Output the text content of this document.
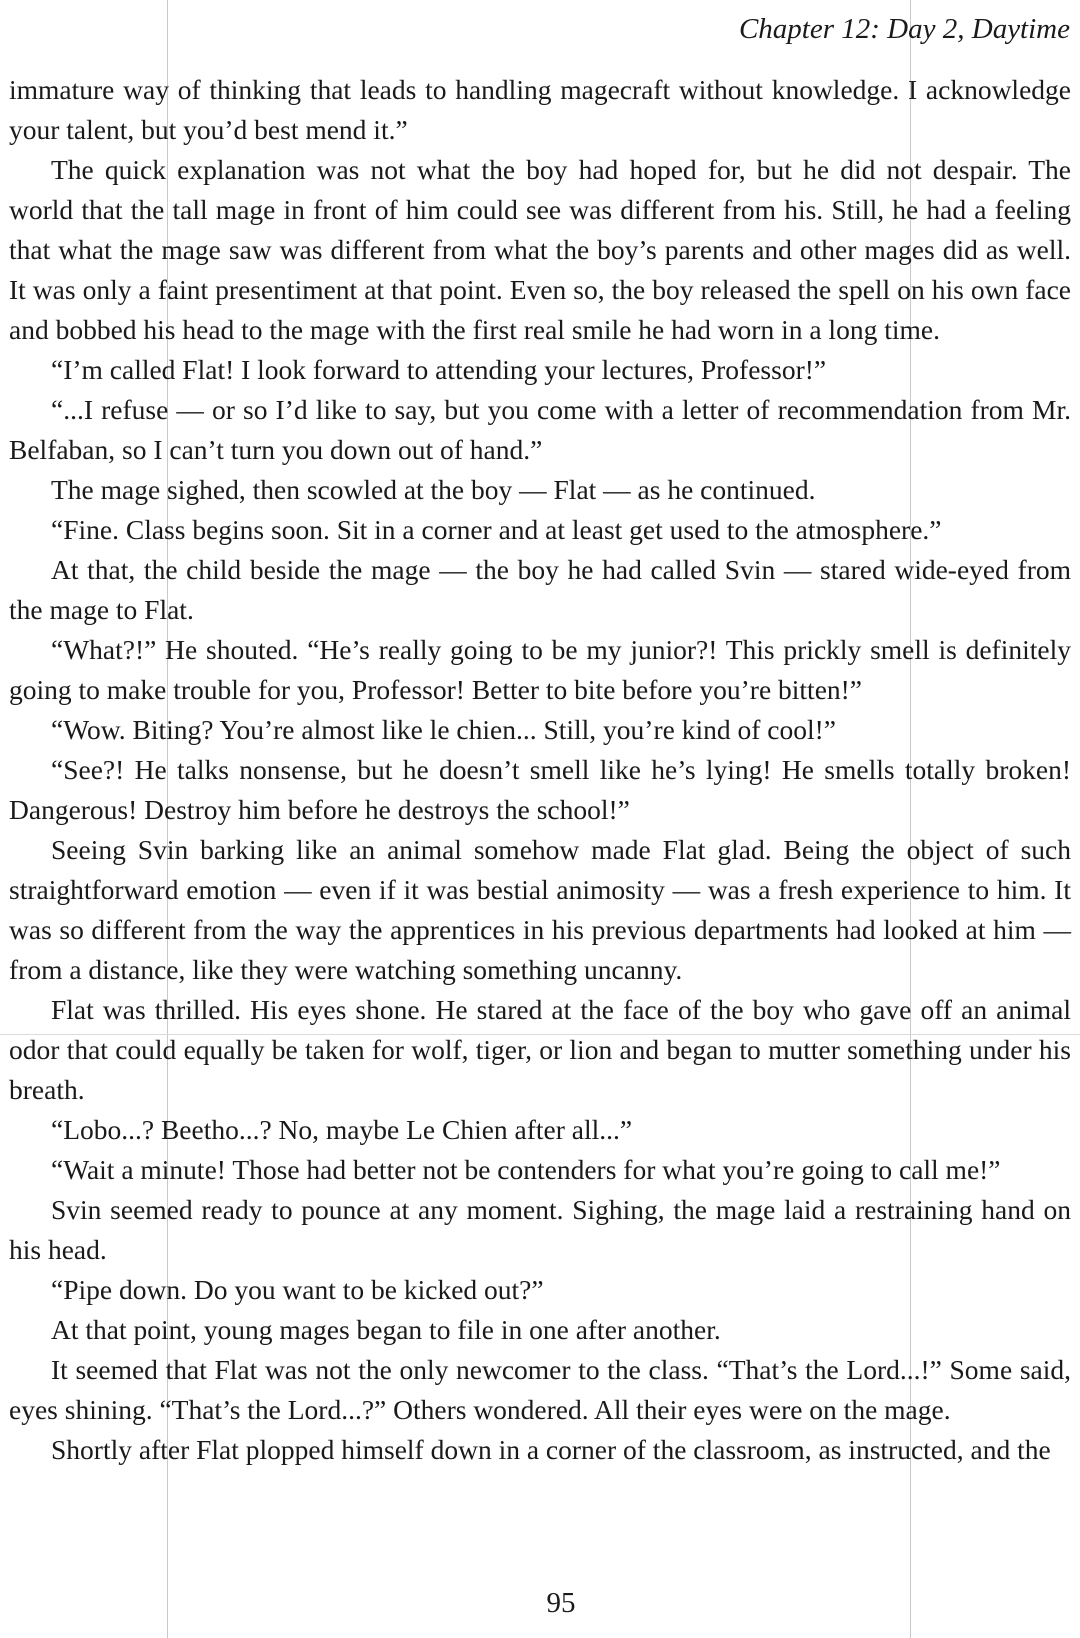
Chapter 12: Day 2, Daytime

immature way of thinking that leads to handling magecraft without knowledge. I acknowledge your talent, but you’d best mend it.”

The quick explanation was not what the boy had hoped for, but he did not despair. The world that the tall mage in front of him could see was different from his. Still, he had a feeling that what the mage saw was different from what the boy’s parents and other mages did as well. It was only a faint presentiment at that point. Even so, the boy released the spell on his own face and bobbed his head to the mage with the first real smile he had worn in a long time.

“I’m called Flat! I look forward to attending your lectures, Professor!”

“...I refuse — or so I’d like to say, but you come with a letter of recommendation from Mr. Belfaban, so I can’t turn you down out of hand.”

The mage sighed, then scowled at the boy — Flat — as he continued.

“Fine. Class begins soon. Sit in a corner and at least get used to the atmosphere.”

At that, the child beside the mage — the boy he had called Svin — stared wide-eyed from the mage to Flat.

“What?!” He shouted. “He’s really going to be my junior?! This prickly smell is definitely going to make trouble for you, Professor! Better to bite before you’re bitten!”

“Wow. Biting? You’re almost like le chien... Still, you’re kind of cool!”

“See?! He talks nonsense, but he doesn’t smell like he’s lying! He smells totally broken! Dangerous! Destroy him before he destroys the school!”

Seeing Svin barking like an animal somehow made Flat glad. Being the object of such straightforward emotion — even if it was bestial animosity — was a fresh experience to him. It was so different from the way the apprentices in his previous departments had looked at him — from a distance, like they were watching something uncanny.

Flat was thrilled. His eyes shone. He stared at the face of the boy who gave off an animal odor that could equally be taken for wolf, tiger, or lion and began to mutter something under his breath.

“Lobo...? Beetho...? No, maybe Le Chien after all...”

“Wait a minute! Those had better not be contenders for what you’re going to call me!”

Svin seemed ready to pounce at any moment. Sighing, the mage laid a restraining hand on his head.

“Pipe down. Do you want to be kicked out?”

At that point, young mages began to file in one after another.

It seemed that Flat was not the only newcomer to the class. “That’s the Lord...!” Some said, eyes shining. “That’s the Lord...?” Others wondered. All their eyes were on the mage.

Shortly after Flat plopped himself down in a corner of the classroom, as instructed, and the

95
